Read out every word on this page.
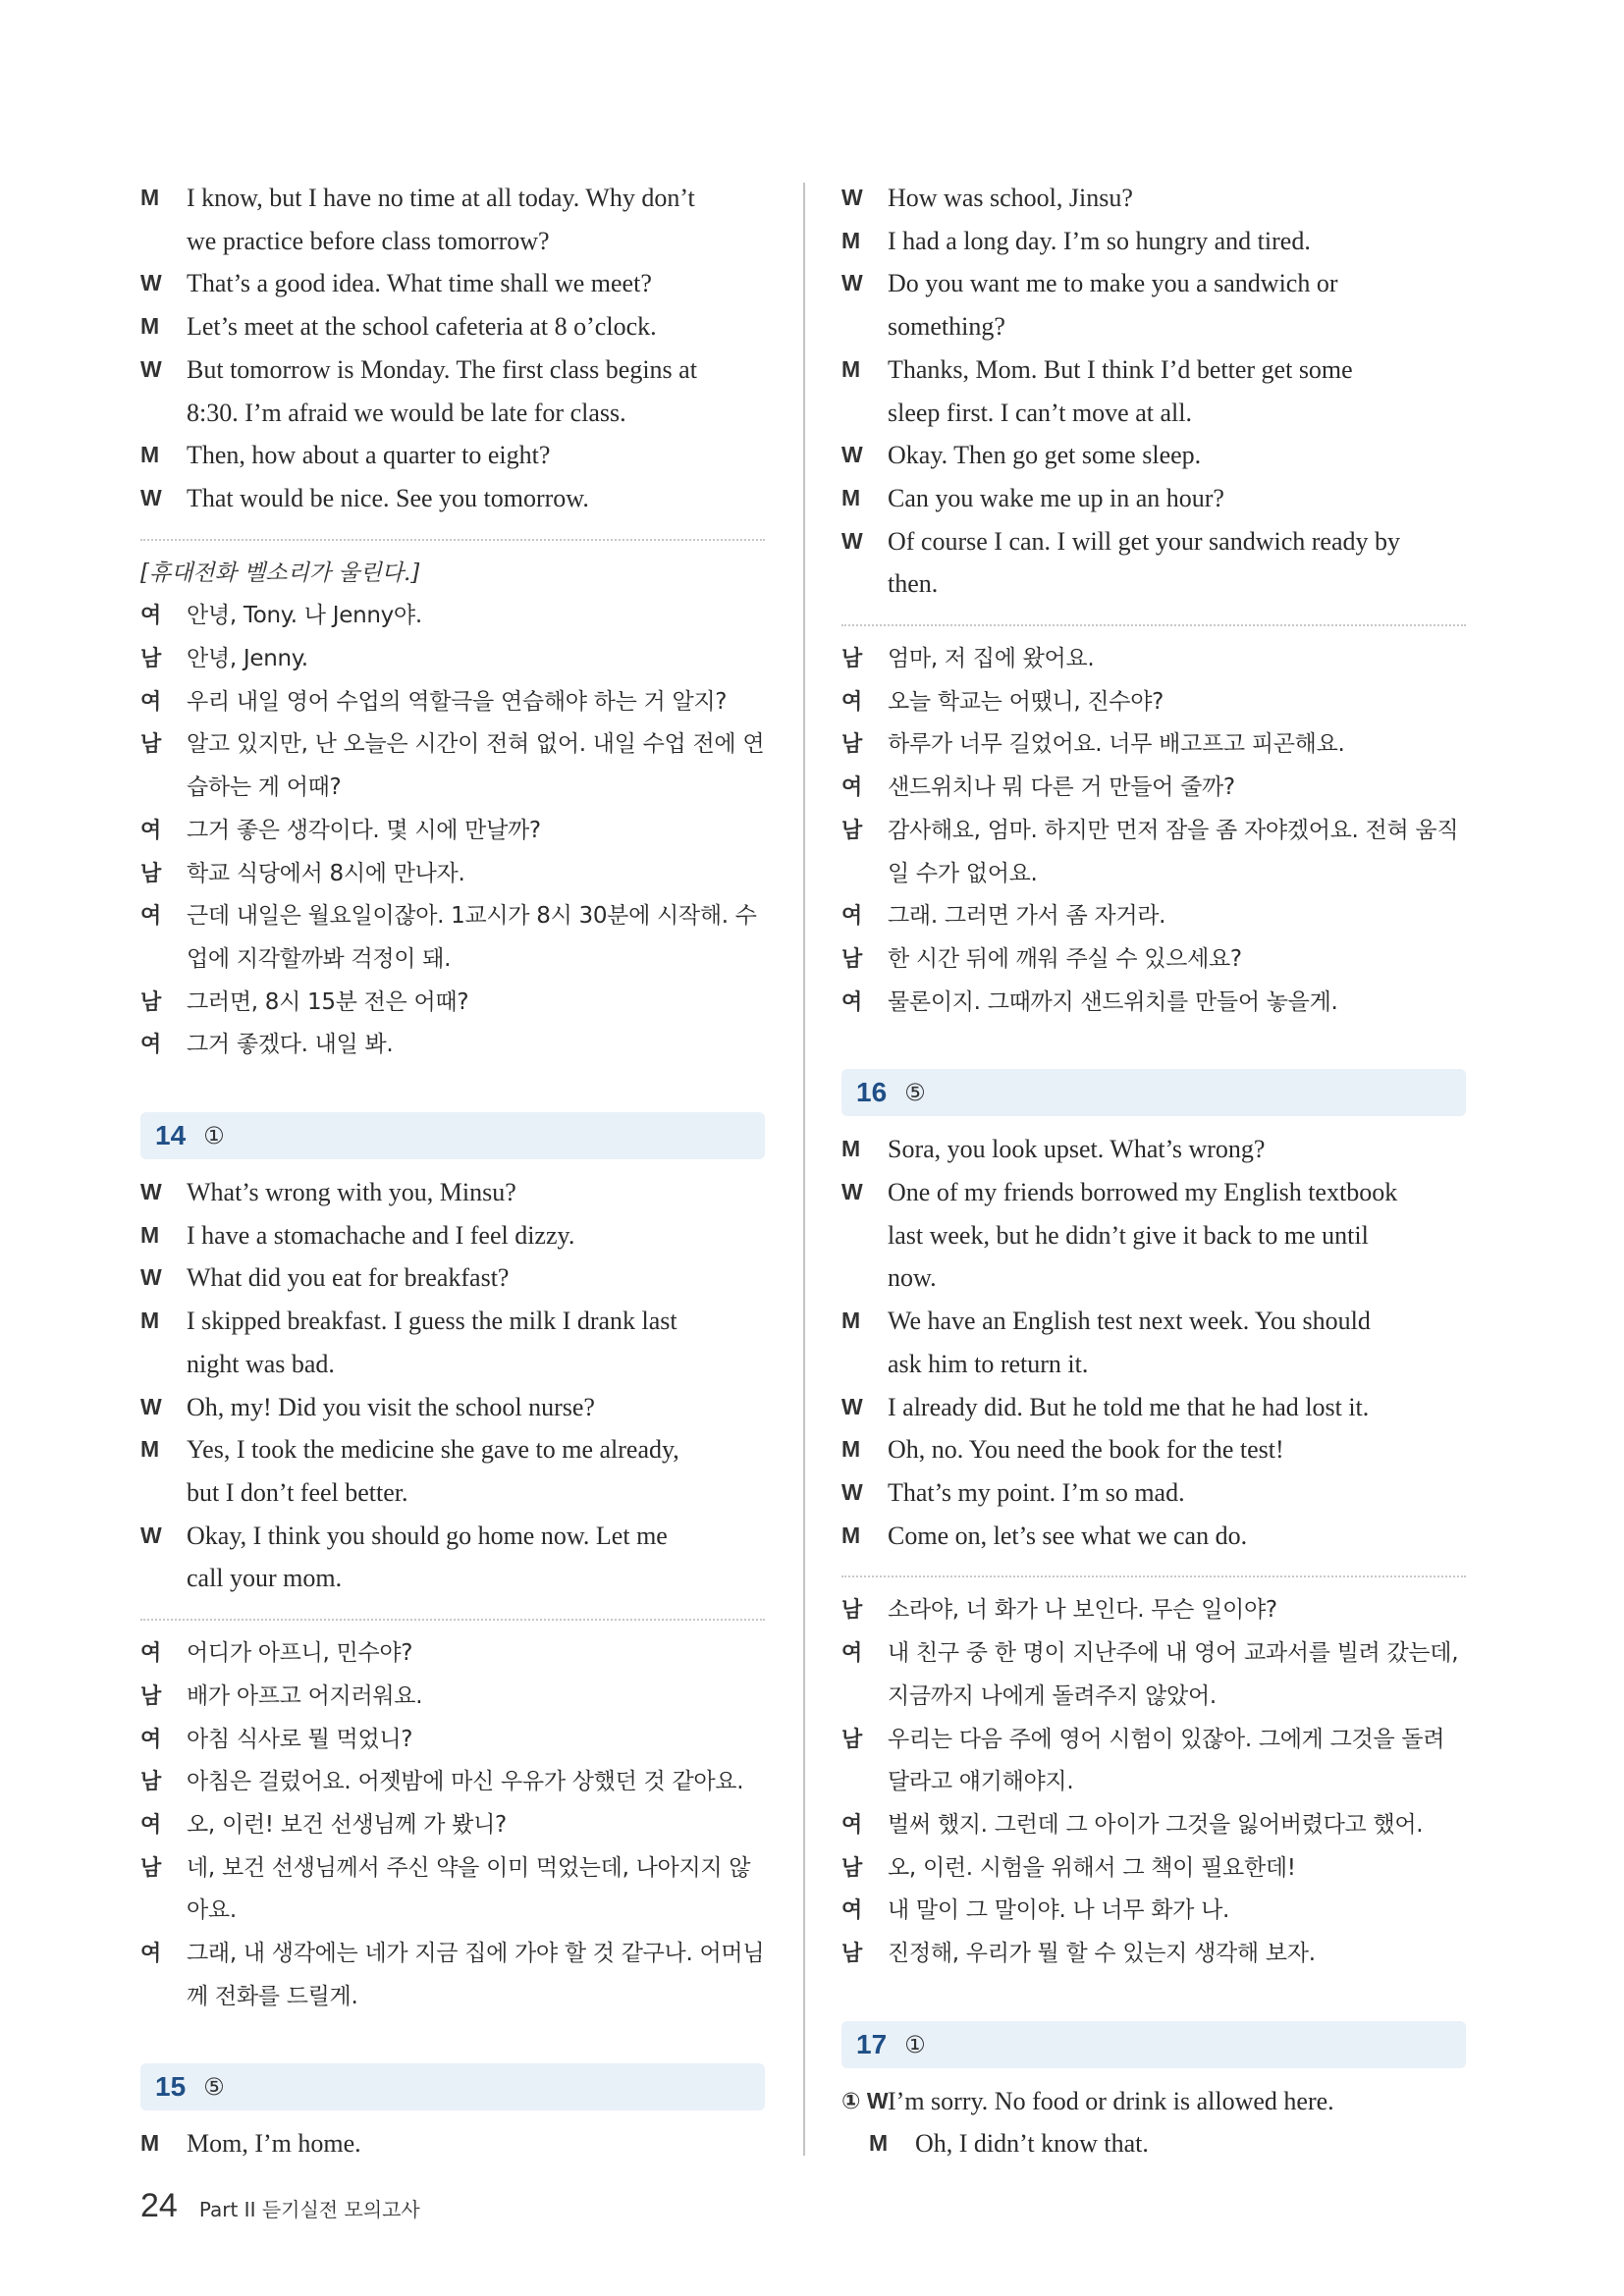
M I know, but I have no time at all today. Why don’t
we practice before class tomorrow?
W That’s a good idea. What time shall we meet?
M Let’s meet at the school cafeteria at 8 o’clock.
W But tomorrow is Monday. The first class begins at
8:30. I’m afraid we would be late for class.
M Then, how about a quarter to eight?
W That would be nice. See you tomorrow.
[휴대전화 벨소리가 울린다.]
여 안녕, Tony. 나 Jenny야.
남 안녕, Jenny.
여 우리 내일 영어 수업의 역할극을 연습해야 하는 거 알지?
남 알고 있지만, 난 오늘은 시간이 전혀 없어. 내일 수업 전에 연
습하는 게 어때?
여 그거 좋은 생각이다. 몇 시에 만날까?
남 학교 식당에서 8시에 만나자.
여 근데 내일은 월요일이잖아. 1교시가 8시 30분에 시작해. 수
업에 지각할까봐 걱정이 돼.
남 그러면, 8시 15분 전은 어때?
여 그거 좋겠다. 내일 봐.
14 ①
W What’s wrong with you, Minsu?
M I have a stomachache and I feel dizzy.
W What did you eat for breakfast?
M I skipped breakfast. I guess the milk I drank last
night was bad.
W Oh, my! Did you visit the school nurse?
M Yes, I took the medicine she gave to me already,
but I don’t feel better.
W Okay, I think you should go home now. Let me
call your mom.
여 어디가 아프니, 민수야?
남 배가 아프고 어지러워요.
여 아침 식사로 뭘 먹었니?
남 아침은 걸렀어요. 어젯밤에 마신 우유가 상했던 것 같아요.
여 오, 이런! 보건 선생님께 가 봤니?
남 네, 보건 선생님께서 주신 약을 이미 먹었는데, 나아지지 않
아요.
여 그래, 내 생각에는 네가 지금 집에 가야 할 것 같구나. 어머님
께 전화를 드릴게.
15 ⑤
M Mom, I’m home.
W How was school, Jinsu?
M I had a long day. I’m so hungry and tired.
W Do you want me to make you a sandwich or
something?
M Thanks, Mom. But I think I’d better get some
sleep first. I can’t move at all.
W Okay. Then go get some sleep.
M Can you wake me up in an hour?
W Of course I can. I will get your sandwich ready by
then.
남 엄마, 저 집에 왔어요.
여 오늘 학교는 어땠니, 진수야?
남 하루가 너무 길었어요. 너무 배고프고 피곤해요.
여 샌드위치나 뭐 다른 거 만들어 줄까?
남 감사해요, 엄마. 하지만 먼저 잠을 좀 자야겠어요. 전혀 움직
일 수가 없어요.
여 그래. 그러면 가서 좀 자거라.
남 한 시간 뒤에 깨워 주실 수 있으세요?
여 물론이지. 그때까지 샌드위치를 만들어 놓을게.
16 ⑤
M Sora, you look upset. What’s wrong?
W One of my friends borrowed my English textbook
last week, but he didn’t give it back to me until
now.
M We have an English test next week. You should
ask him to return it.
W I already did. But he told me that he had lost it.
M Oh, no. You need the book for the test!
W That’s my point. I’m so mad.
M Come on, let’s see what we can do.
남 소라야, 너 화가 나 보인다. 무슨 일이야?
여 내 친구 중 한 명이 지난주에 내 영어 교과서를 빌려 갔는데,
지금까지 나에게 돌려주지 않았어.
남 우리는 다음 주에 영어 시험이 있잖아. 그에게 그것을 돌려
달라고 얘기해야지.
여 벌써 했지. 그런데 그 아이가 그것을 잃어버렸다고 했어.
남 오, 이런. 시험을 위해서 그 책이 필요한데!
여 내 말이 그 말이야. 나 너무 화가 나.
남 진정해, 우리가 뭘 할 수 있는지 생각해 보자.
17 ①
① W I’m sorry. No food or drink is allowed here.
M Oh, I didn’t know that.
24 Part II 듣기실전 모의고사
